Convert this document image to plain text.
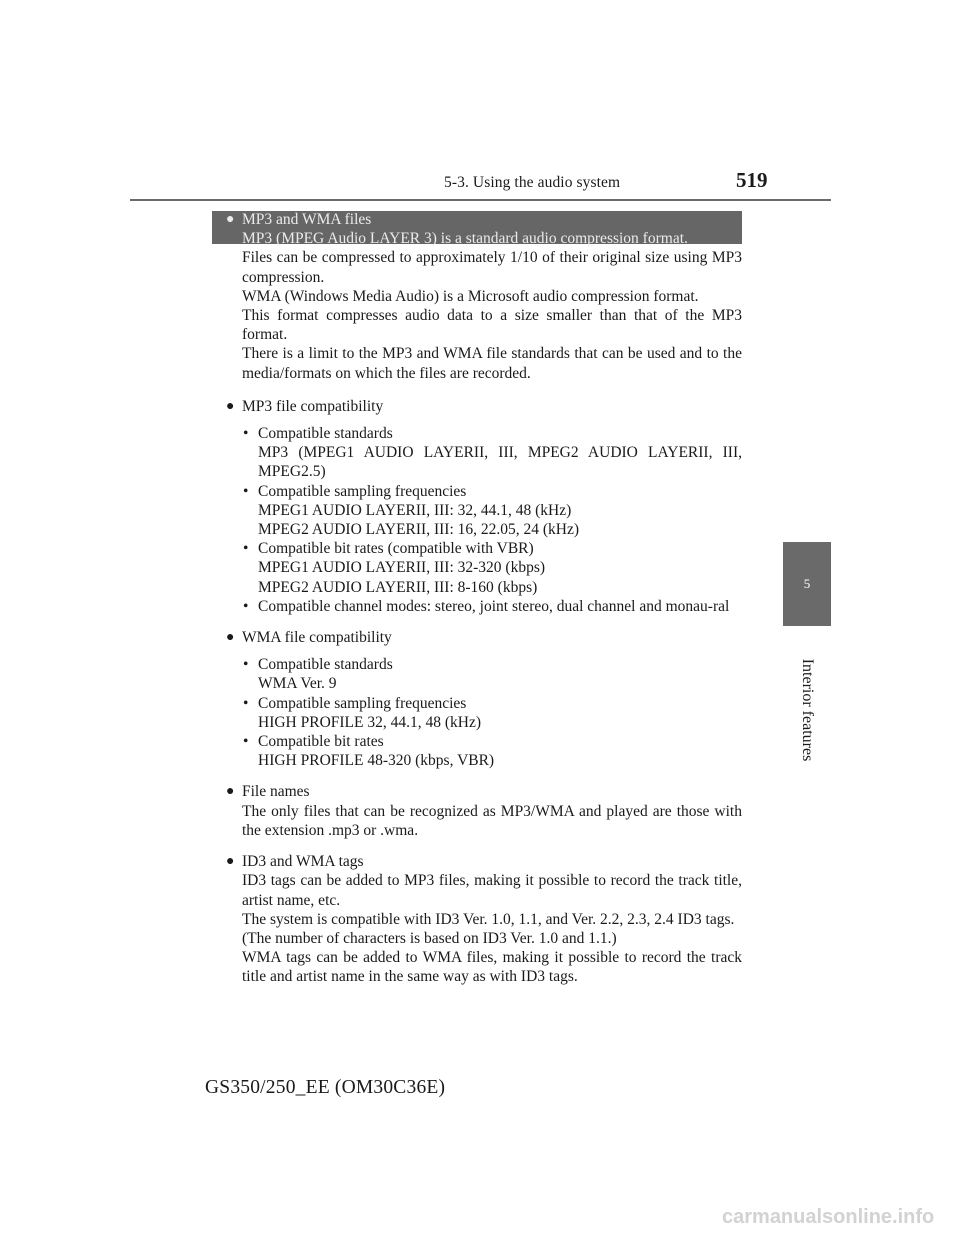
5-3. Using the audio system	519
5
Interior features
● MP3 and WMA files
MP3 (MPEG Audio LAYER 3) is a standard audio compression format.
Files can be compressed to approximately 1/10 of their original size using MP3 compression.
WMA (Windows Media Audio) is a Microsoft audio compression format.
This format compresses audio data to a size smaller than that of the MP3 format.
There is a limit to the MP3 and WMA file standards that can be used and to the media/formats on which the files are recorded.
● MP3 file compatibility
• Compatible standards
MP3 (MPEG1 AUDIO LAYERII, III, MPEG2 AUDIO LAYERII, III, MPEG2.5)
• Compatible sampling frequencies
MPEG1 AUDIO LAYERII, III: 32, 44.1, 48 (kHz)
MPEG2 AUDIO LAYERII, III: 16, 22.05, 24 (kHz)
• Compatible bit rates (compatible with VBR)
MPEG1 AUDIO LAYERII, III: 32-320 (kbps)
MPEG2 AUDIO LAYERII, III: 8-160 (kbps)
• Compatible channel modes: stereo, joint stereo, dual channel and monau-ral
● WMA file compatibility
• Compatible standards
WMA Ver. 9
• Compatible sampling frequencies
HIGH PROFILE 32, 44.1, 48 (kHz)
• Compatible bit rates
HIGH PROFILE 48-320 (kbps, VBR)
● File names
The only files that can be recognized as MP3/WMA and played are those with the extension .mp3 or .wma.
● ID3 and WMA tags
ID3 tags can be added to MP3 files, making it possible to record the track title, artist name, etc.
The system is compatible with ID3 Ver. 1.0, 1.1, and Ver. 2.2, 2.3, 2.4 ID3 tags.
(The number of characters is based on ID3 Ver. 1.0 and 1.1.)
WMA tags can be added to WMA files, making it possible to record the track title and artist name in the same way as with ID3 tags.
GS350/250_EE (OM30C36E)
carmanualsonline.info
